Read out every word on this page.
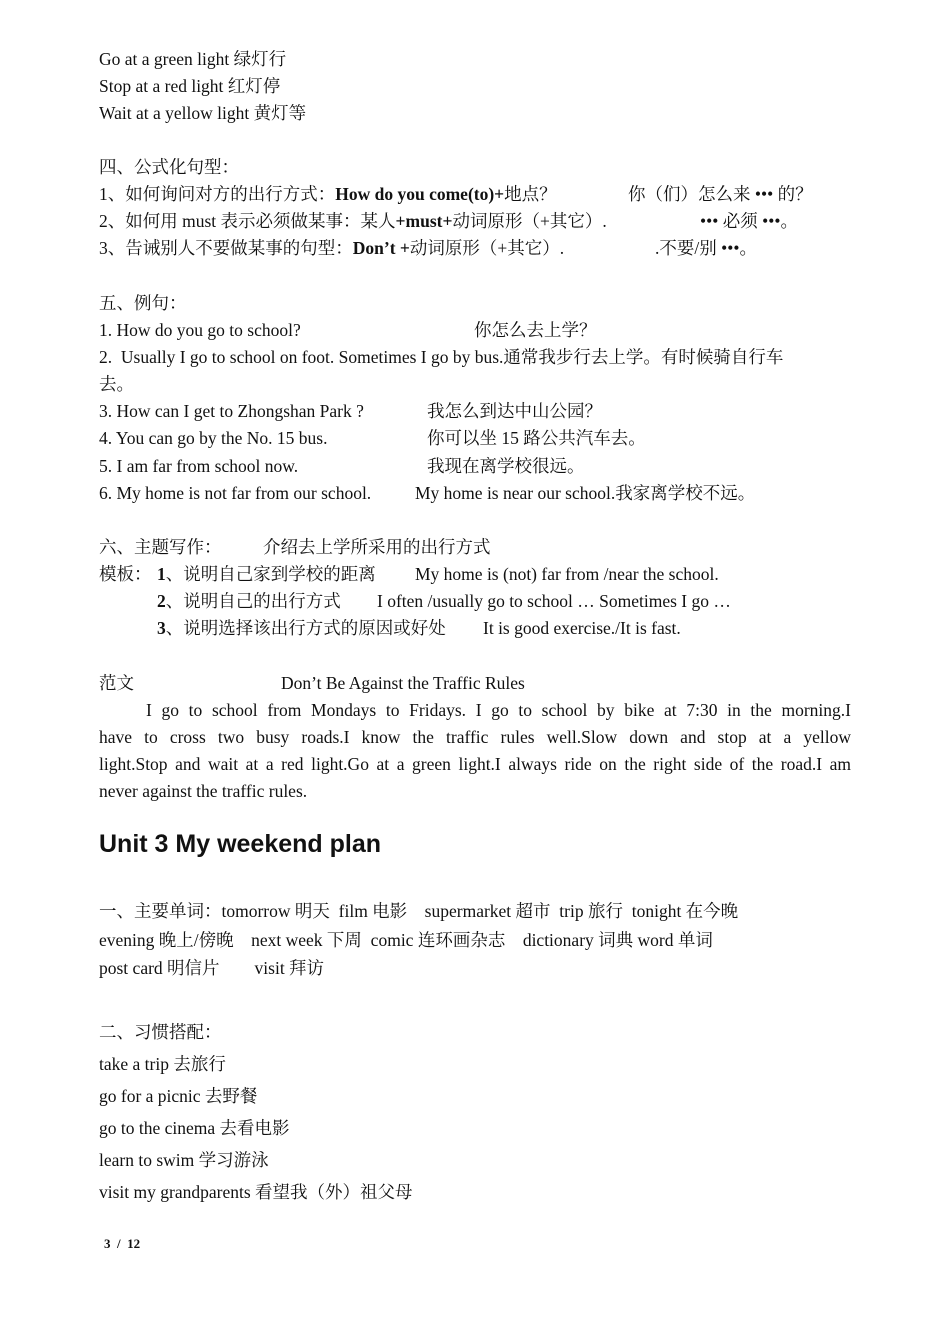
Go at a green light 绿灯行
Stop at a red light 红灯停
Wait at a yellow light 黄灯等
四、公式化句型：
1、如何询问对方的出行方式：How do you come(to)+地点？	你（们）怎么来 ••• 的？
2、如何用 must 表示必须做某事：某人+must+动词原形（+其它）.	••• 必须 •••。
3、告诫别人不要做某事的句型：Don’t +动词原形（+其它）.	.不要/别 •••。
五、例句：
1. How do you go to school?	你怎么去上学？
2.  Usually I go to school on foot. Sometimes I go by bus.通常我步行去上学。有时候骑自行车
去。
3. How can I get to Zhongshan Park ?	我怎么到达中山公园？
4. You can go by the No. 15 bus.	你可以坐 15 路公共汽车去。
5. I am far from school now.	我现在离学校很远。
6. My home is not far from our school.	My home is near our school.我家离学校不远。
六、主题写作： 介绍去上学所采用的出行方式
模板： 1、说明自己家到学校的距离 My home is (not) far from /near the school.
2、说明自己的出行方式 I often /usually go to school … Sometimes I go …
3、说明选择该出行方式的原因或好处 It is good exercise./It is fast.
范文	Don’t Be Against the Traffic Rules
I go to school from Mondays to Fridays. I go to school by bike at 7:30 in the morning.I
have to cross two busy roads.I know the traffic rules well.Slow down and stop at a yellow
light.Stop and wait at a red light.Go at a green light.I always ride on the right side of the road.I am
never against the traffic rules.
Unit 3 My weekend plan
一、主要单词：tomorrow 明天  film 电影    supermarket 超市  trip 旅行  tonight 在今晚
evening 晚上/傍晚    next week 下周  comic 连环画杂志    dictionary 词典 word 单词
post card 明信片        visit 拜访
二、习惯搭配：
take a trip 去旅行
go for a picnic 去野餐
go to the cinema 去看电影
learn to swim 学习游泳
visit my grandparents 看望我（外）祖父母
3 / 12
